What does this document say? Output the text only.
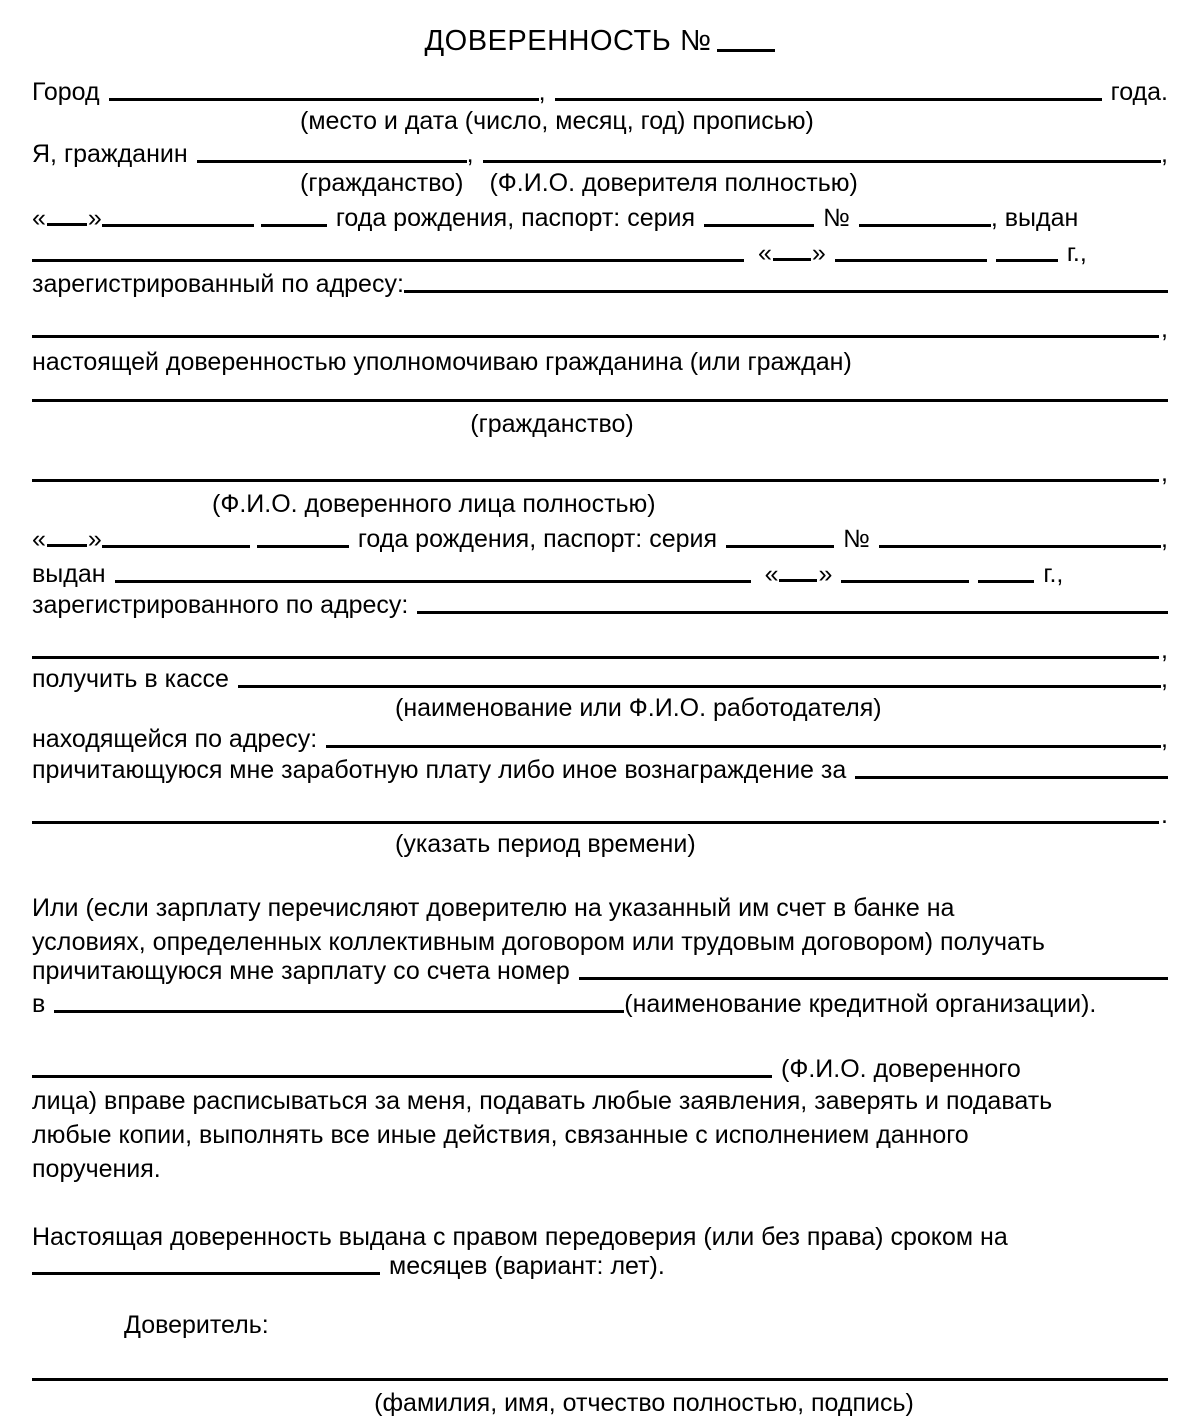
ДОВЕРЕННОСТЬ №
Город	,	года.
(место и дата (число, месяц, год) прописью)
Я, гражданин	,	,
(гражданство) (Ф.И.О. доверителя полностью)
« »	года рождения, паспорт: серия	№	, выдан
« »	г.,
зарегистрированный по адресу:
,
настоящей доверенностью уполномочиваю гражданина (или граждан)
(гражданство)
,
(Ф.И.О. доверенного лица полностью)
« »	года рождения, паспорт: серия	№	,
выдан	« »	г.,
зарегистрированного по адресу:
,
получить в кассе	,
(наименование или Ф.И.О. работодателя)
находящейся по адресу:	,
причитающуюся мне заработную плату либо иное вознаграждение за
.
(указать период времени)
Или (если зарплату перечисляют доверителю на указанный им счет в банке на
условиях, определенных коллективным договором или трудовым договором) получать
причитающуюся мне зарплату со счета номер
в	(наименование кредитной организации).
(Ф.И.О. доверенного
лица) вправе расписываться за меня, подавать любые заявления, заверять и подавать
любые копии, выполнять все иные действия, связанные с исполнением данного
поручения.
Настоящая доверенность выдана с правом передоверия (или без права) сроком на
месяцев (вариант: лет).
Доверитель:
(фамилия, имя, отчество полностью, подпись)
